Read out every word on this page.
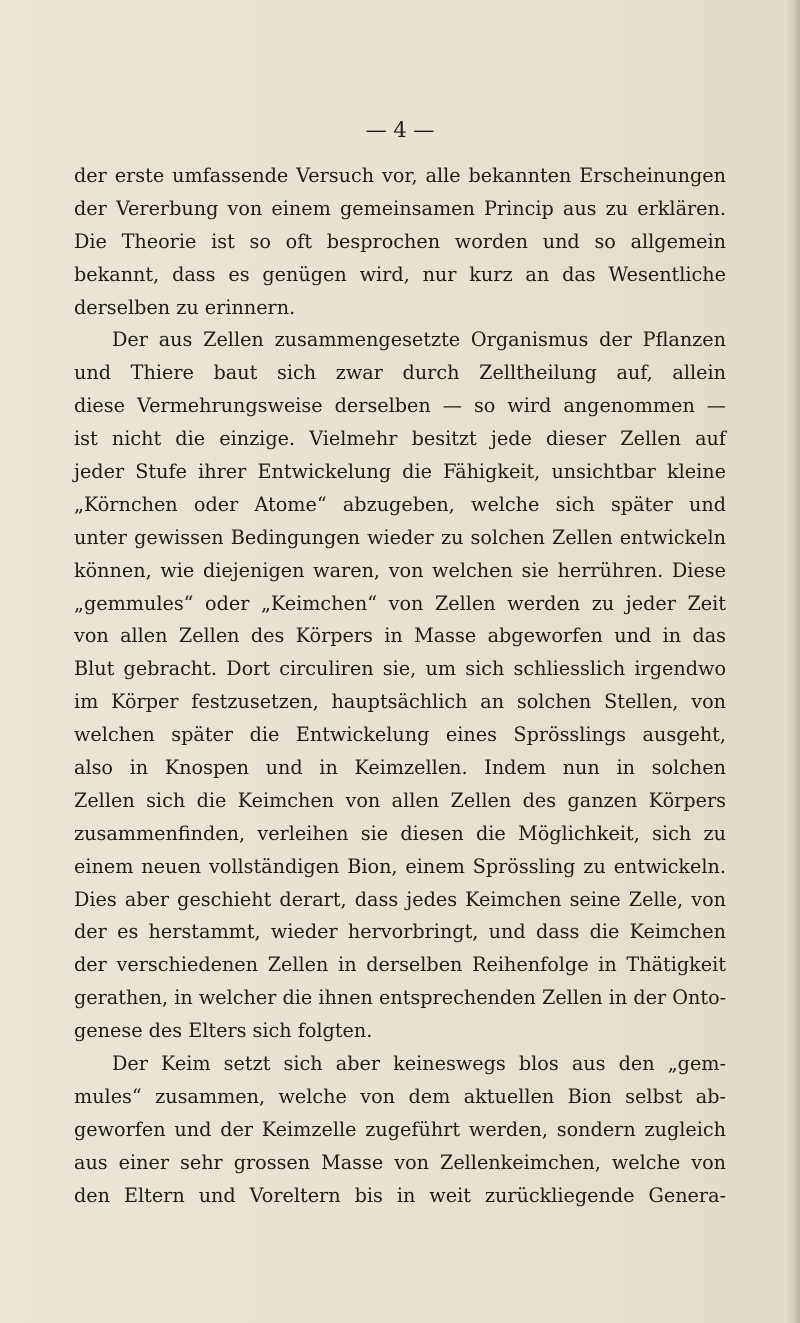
— 4 —
der erste umfassende Versuch vor, alle bekannten Erscheinungen
der Vererbung von einem gemeinsamen Princip aus zu erklären.
Die Theorie ist so oft besprochen worden und so allgemein
bekannt, dass es genügen wird, nur kurz an das Wesentliche
derselben zu erinnern.
Der aus Zellen zusammengesetzte Organismus der Pflanzen
und Thiere baut sich zwar durch Zelltheilung auf, allein
diese Vermehrungsweise derselben — so wird angenommen —
ist nicht die einzige. Vielmehr besitzt jede dieser Zellen auf
jeder Stufe ihrer Entwickelung die Fähigkeit, unsichtbar kleine
„Körnchen oder Atome“ abzugeben, welche sich später und
unter gewissen Bedingungen wieder zu solchen Zellen entwickeln
können, wie diejenigen waren, von welchen sie herrühren. Diese
„gemmules“ oder „Keimchen“ von Zellen werden zu jeder Zeit
von allen Zellen des Körpers in Masse abgeworfen und in das
Blut gebracht. Dort circuliren sie, um sich schliesslich irgendwo
im Körper festzusetzen, hauptsächlich an solchen Stellen, von
welchen später die Entwickelung eines Sprösslings ausgeht,
also in Knospen und in Keimzellen. Indem nun in solchen
Zellen sich die Keimchen von allen Zellen des ganzen Körpers
zusammenfinden, verleihen sie diesen die Möglichkeit, sich zu
einem neuen vollständigen Bion, einem Sprössling zu entwickeln.
Dies aber geschieht derart, dass jedes Keimchen seine Zelle, von
der es herstammt, wieder hervorbringt, und dass die Keimchen
der verschiedenen Zellen in derselben Reihenfolge in Thätigkeit
gerathen, in welcher die ihnen entsprechenden Zellen in der Onto-
genese des Elters sich folgten.
Der Keim setzt sich aber keineswegs blos aus den „gem-
mules“ zusammen, welche von dem aktuellen Bion selbst ab-
geworfen und der Keimzelle zugeführt werden, sondern zugleich
aus einer sehr grossen Masse von Zellenkeimchen, welche von
den Eltern und Voreltern bis in weit zurückliegende Genera-
